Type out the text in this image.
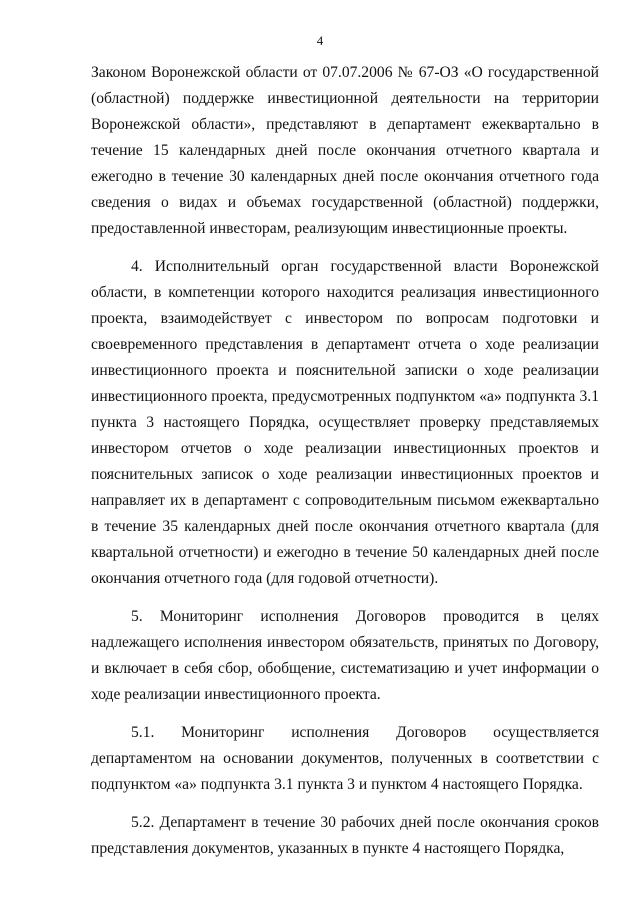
4

Законом Воронежской области от 07.07.2006 № 67-ОЗ «О государственной (областной) поддержке инвестиционной деятельности на территории Воронежской области», представляют в департамент ежеквартально в течение 15 календарных дней после окончания отчетного квартала и ежегодно в течение 30 календарных дней после окончания отчетного года сведения о видах и объемах государственной (областной) поддержки, предоставленной инвесторам, реализующим инвестиционные проекты.

4. Исполнительный орган государственной власти Воронежской области, в компетенции которого находится реализация инвестиционного проекта, взаимодействует с инвестором по вопросам подготовки и своевременного представления в департамент отчета о ходе реализации инвестиционного проекта и пояснительной записки о ходе реализации инвестиционного проекта, предусмотренных подпунктом «а» подпункта 3.1 пункта 3 настоящего Порядка, осуществляет проверку представляемых инвестором отчетов о ходе реализации инвестиционных проектов и пояснительных записок о ходе реализации инвестиционных проектов и направляет их в департамент с сопроводительным письмом ежеквартально в течение 35 календарных дней после окончания отчетного квартала (для квартальной отчетности) и ежегодно в течение 50 календарных дней после окончания отчетного года (для годовой отчетности).

5. Мониторинг исполнения Договоров проводится в целях надлежащего исполнения инвестором обязательств, принятых по Договору, и включает в себя сбор, обобщение, систематизацию и учет информации о ходе реализации инвестиционного проекта.

5.1. Мониторинг исполнения Договоров осуществляется департаментом на основании документов, полученных в соответствии с подпунктом «а» подпункта 3.1 пункта 3 и пунктом 4 настоящего Порядка.

5.2. Департамент в течение 30 рабочих дней после окончания сроков представления документов, указанных в пункте 4 настоящего Порядка,
